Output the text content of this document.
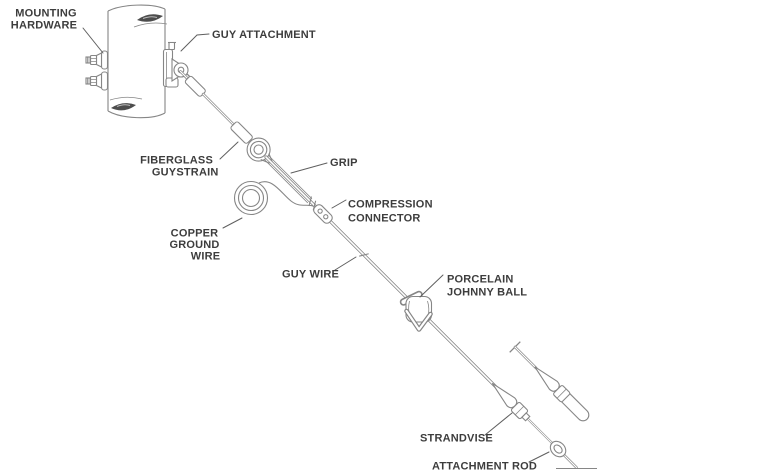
MOUNTING
HARDWARE
GUY ATTACHMENT
FIBERGLASS
GUYSTRAIN
GRIP
COMPRESSION
CONNECTOR
COPPER
GROUND
WIRE
GUY WIRE	PORCELAIN
JOHNNY BALL
STRANDVISE
ATTACHMENT ROD
